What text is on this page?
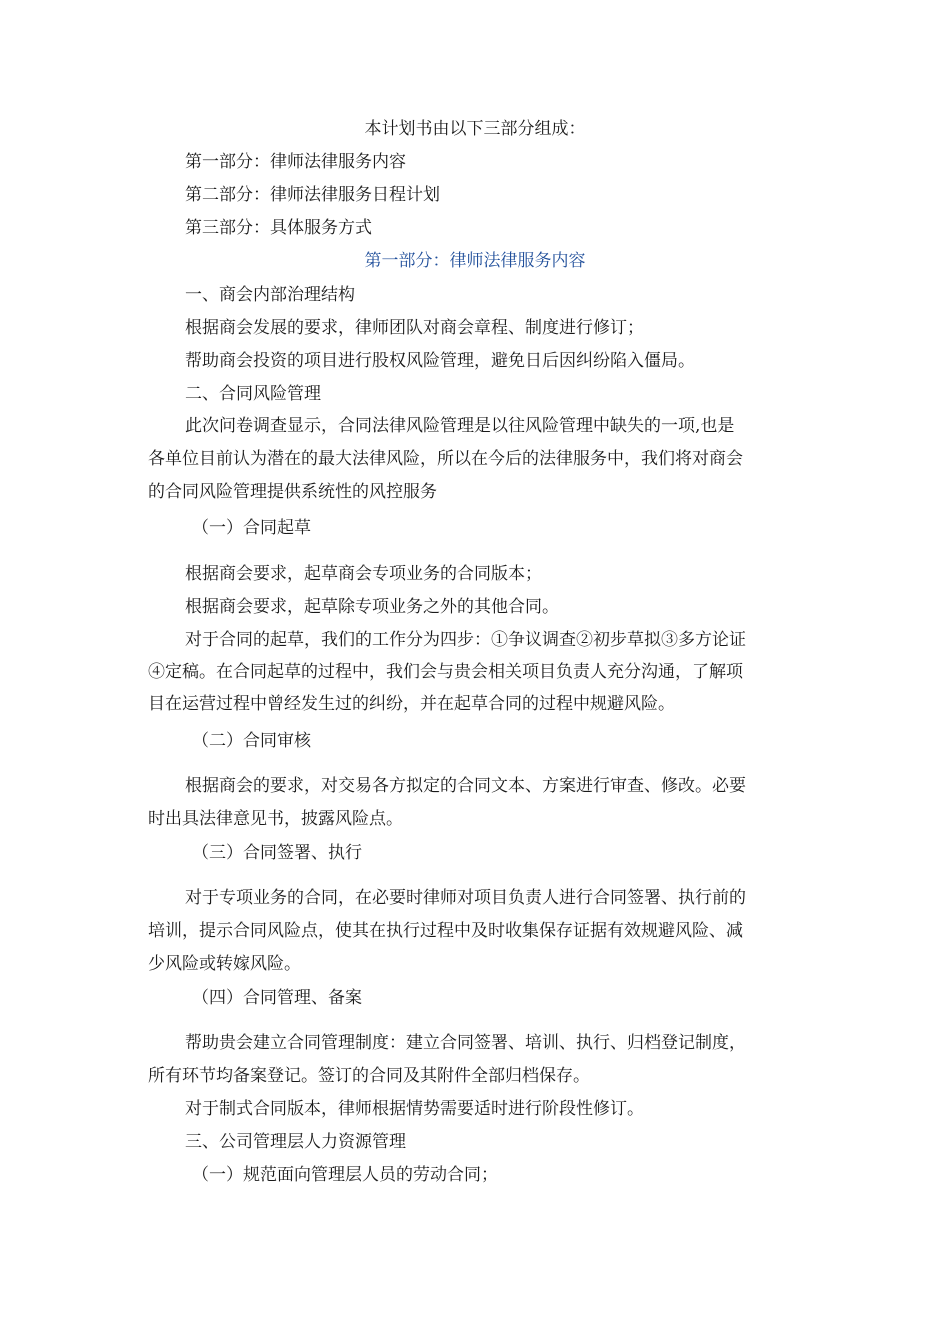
本计划书由以下三部分组成：

第一部分：律师法律服务内容

第二部分：律师法律服务日程计划

第三部分：具体服务方式

第一部分：律师法律服务内容

一、商会内部治理结构

根据商会发展的要求，律师团队对商会章程、制度进行修订；

帮助商会投资的项目进行股权风险管理，避免日后因纠纷陷入僵局。

二、合同风险管理

此次问卷调查显示，合同法律风险管理是以往风险管理中缺失的一项,也是

各单位目前认为潜在的最大法律风险，所以在今后的法律服务中，我们将对商会

的合同风险管理提供系统性的风控服务

（一）合同起草

根据商会要求，起草商会专项业务的合同版本；

根据商会要求，起草除专项业务之外的其他合同。

对于合同的起草，我们的工作分为四步：①争议调查②初步草拟③多方论证

④定稿。在合同起草的过程中，我们会与贵会相关项目负责人充分沟通，了解项

目在运营过程中曾经发生过的纠纷，并在起草合同的过程中规避风险。

（二）合同审核

根据商会的要求，对交易各方拟定的合同文本、方案进行审查、修改。必要

时出具法律意见书，披露风险点。

（三）合同签署、执行

对于专项业务的合同，在必要时律师对项目负责人进行合同签署、执行前的

培训，提示合同风险点，使其在执行过程中及时收集保存证据有效规避风险、减

少风险或转嫁风险。

（四）合同管理、备案

帮助贵会建立合同管理制度：建立合同签署、培训、执行、归档登记制度，

所有环节均备案登记。签订的合同及其附件全部归档保存。

对于制式合同版本，律师根据情势需要适时进行阶段性修订。

三、公司管理层人力资源管理

（一）规范面向管理层人员的劳动合同；
